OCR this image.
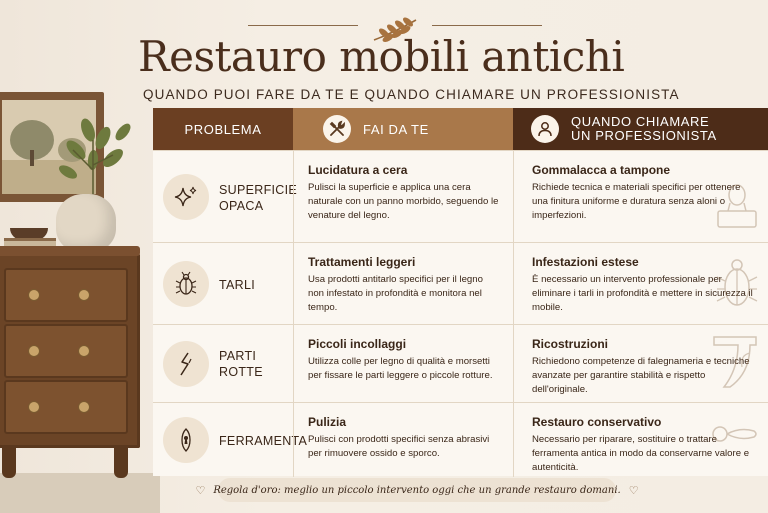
Restauro mobili antichi
QUANDO PUOI FARE DA TE E QUANDO CHIAMARE UN PROFESSIONISTA
PROBLEMA	FAI DA TE	QUANDO CHIAMARE
UN PROFESSIONISTA
SUPERFICIE
OPACA
Lucidatura a cera
Pulisci la superficie e applica una cera naturale con un panno morbido, seguendo le venature del legno.
Gommalacca a tampone
Richiede tecnica e materiali specifici per ottenere una finitura uniforme e duratura senza aloni o imperfezioni.
TARLI
Trattamenti leggeri
Usa prodotti antitarlo specifici per il legno non infestato in profondità e monitora nel tempo.
Infestazioni estese
È necessario un intervento professionale per eliminare i tarli in profondità e mettere in sicurezza il mobile.
PARTI
ROTTE
Piccoli incollaggi
Utilizza colle per legno di qualità e morsetti per fissare le parti leggere o piccole rotture.
Ricostruzioni
Richiedono competenze di falegnameria e tecniche avanzate per garantire stabilità e rispetto dell'originale.
FERRAMENTA
Pulizia
Pulisci con prodotti specifici senza abrasivi per rimuovere ossido e sporco.
Restauro conservativo
Necessario per riparare, sostituire o trattare ferramenta antica in modo da conservarne valore e autenticità.
♡ Regola d'oro: meglio un piccolo intervento oggi che un grande restauro domani. ♡
